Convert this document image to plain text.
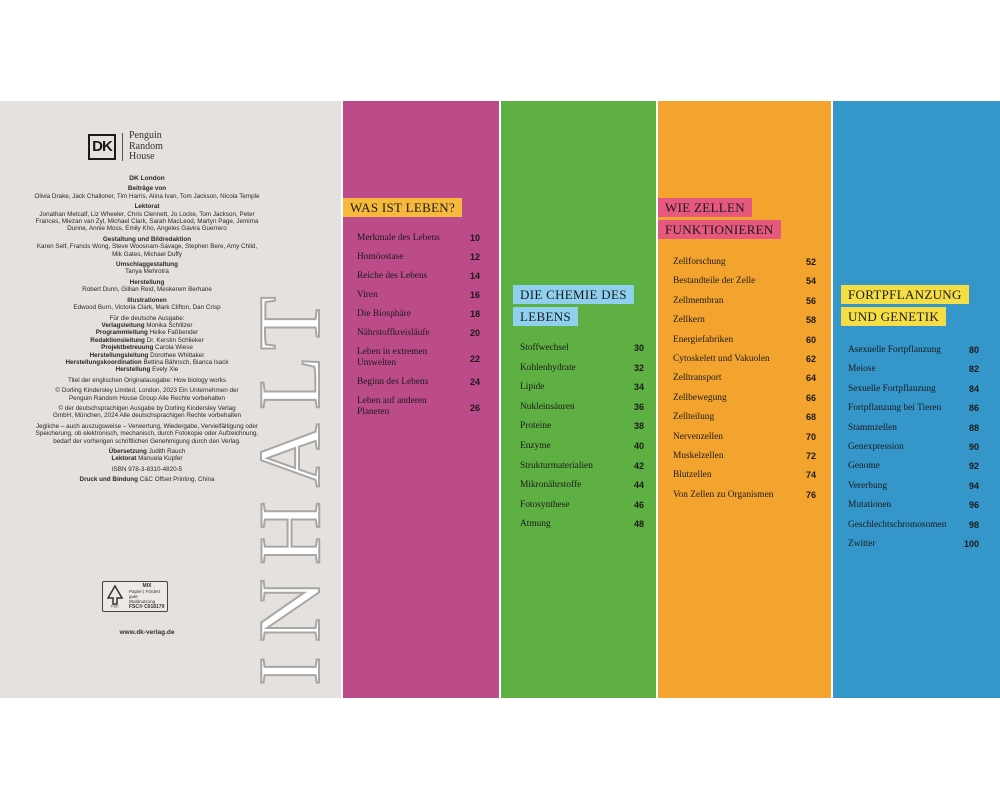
DK
Penguin
Random
House
DK London
Beiträge von
Olivia Drake, Jack Challoner, Tim Harris, Alina Ivan, Tom Jackson, Nicola Temple
Lektorat
Jonathan Metcalf, Liz Wheeler, Chris Clennett, Jo Locke, Tom Jackson, Peter Frances, Miezan van Zyl, Michael Clark, Sarah MacLeod, Martyn Page, Jemima Dunne, Annie Moss, Emily Kho, Angeles Gavira Guerrero
Gestaltung und Bildredaktion
Karen Self, Francis Wong, Steve Woosnam-Savage, Stephen Bere, Amy Child, Mik Gates, Michael Duffy
Umschlaggestaltung
Tanya Mehrotra
Herstellung
Robert Dunn, Gillian Reid, Meskerem Berhane
Illustrationen
Edwood Burn, Victoria Clark, Mark Clifton, Dan Crisp
Für die deutsche Ausgabe:
Verlagsleitung Monika Schlitzer
Programmleitung Heike Faßbender
Redaktionsleitung Dr. Kerstin Schlieker
Projektbetreuung Carola Wiese
Herstellungsleitung Dorothee Whittaker
Herstellungskoordination Bettina Bähnsch, Bianca Isack
Herstellung Evely Xie
Titel der englischen Originalausgabe: How biology works
© Dorling Kindersley Limited, London, 2023 Ein Unternehmen der Penguin Random House Group Alle Rechte vorbehalten
© der deutschsprachigen Ausgabe by Dorling Kindersley Verlag GmbH, München, 2024 Alle deutschsprachigen Rechte vorbehalten
Jegliche – auch auszugsweise – Verwertung, Wiedergabe, Vervielfältigung oder Speicherung, ob elektronisch, mechanisch, durch Fotokopie oder Aufzeichnung, bedarf der vorherigen schriftlichen Genehmigung durch den Verlag.
Übersetzung Judith Rauch
Lektorat Manuela Kupfer
ISBN 978-3-8310-4820-5
Druck und Bindung C&C Offset Printing, China
FSC
MIX
Papier | Fördert
gute Waldnutzung
FSC® C018179
www.dk-verlag.de INHALT
WAS IST LEBEN?
Merkmale des Lebens	10
Homöostase	12
Reiche des Lebens	14
Viren	16
Die Biosphäre	18
Nährstoffkreisläufe	20
Leben in extremen Umwelten	22
Beginn des Lebens	24
Leben auf anderen Planeten	26
DIE CHEMIE DES
LEBENS
Stoffwechsel	30
Kohlenhydrate	32
Lipide	34
Nukleinsäuren	36
Proteine	38
Enzyme	40
Strukturmaterialien	42
Mikronährstoffe	44
Fotosynthese	46
Atmung	48
WIE ZELLEN
FUNKTIONIEREN
Zellforschung	52
Bestandteile der Zelle	54
Zellmembran	56
Zellkern	58
Energiefabriken	60
Cytoskelett und Vakuolen	62
Zelltransport	64
Zellbewegung	66
Zellteilung	68
Nervenzellen	70
Muskelzellen	72
Blutzellen	74
Von Zellen zu Organismen	76
FORTPFLANZUNG
UND GENETIK
Asexuelle Fortpflanzung	80
Meiose	82
Sexuelle Fortpflanzung	84
Fortpflanzung bei Tieren	86
Stammzellen	88
Genexpression	90
Genome	92
Vererbung	94
Mutationen	96
Geschlechtschromosomen	98
Zwitter	100
